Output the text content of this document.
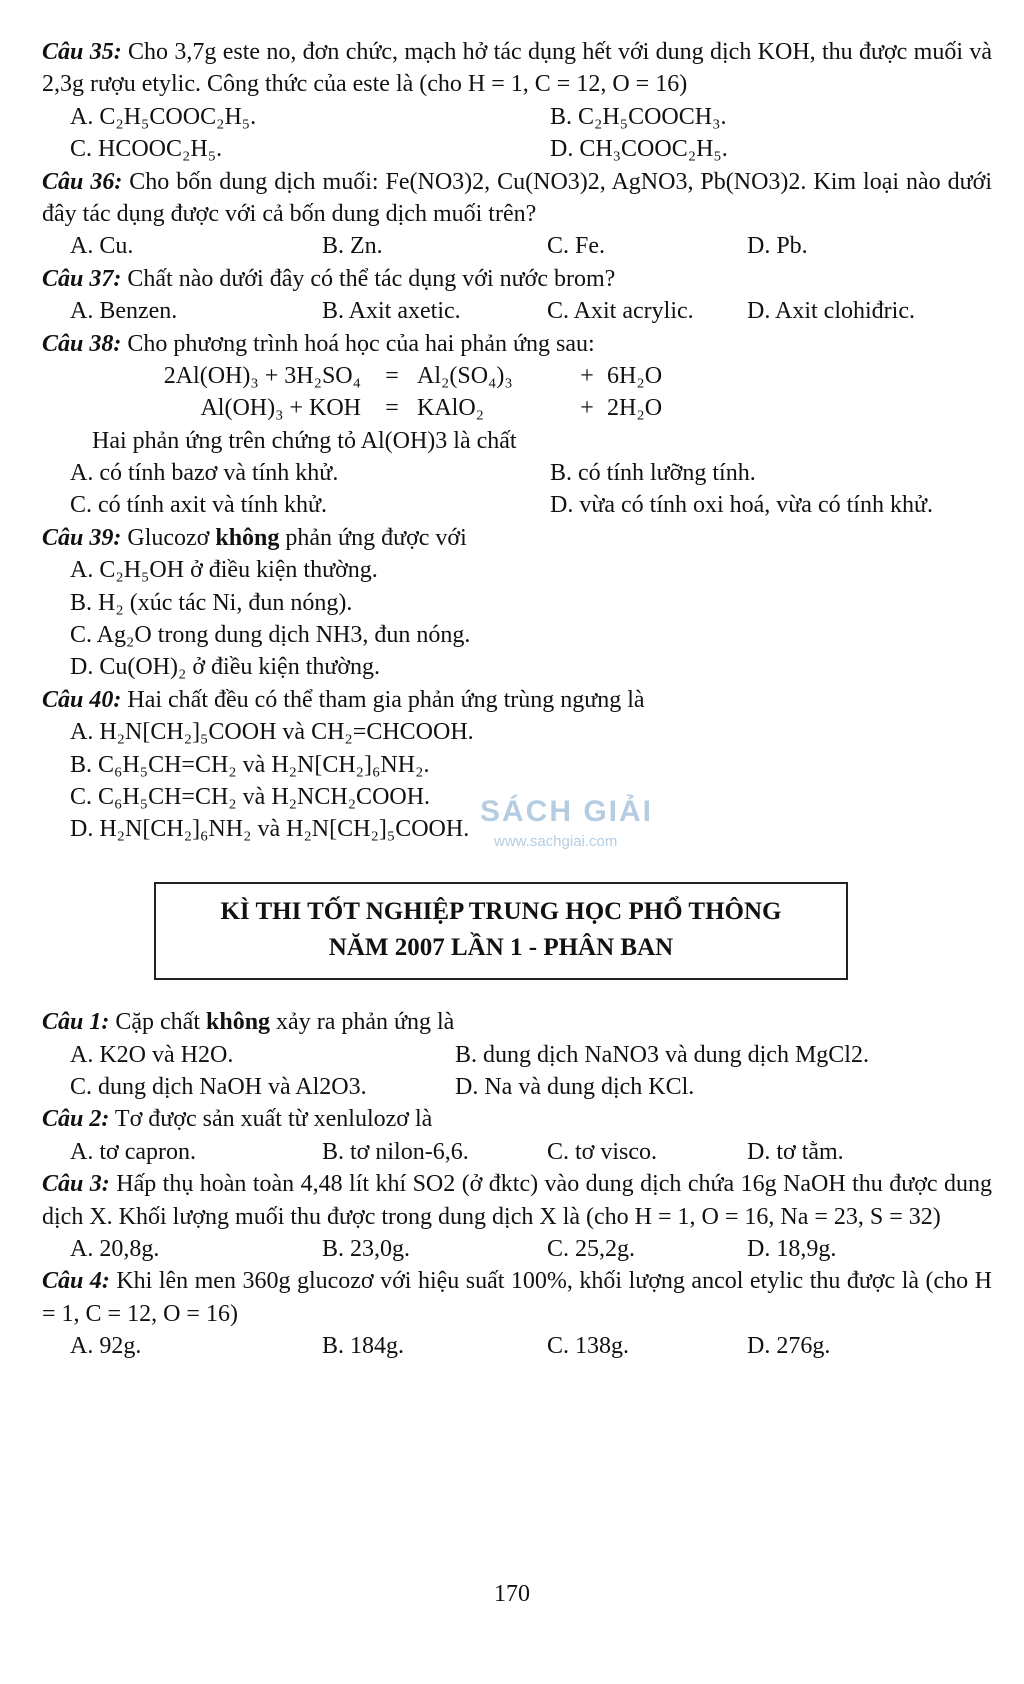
Câu 35: Cho 3,7g este no, đơn chức, mạch hở tác dụng hết với dung dịch KOH, thu được muối và 2,3g rượu etylic. Công thức của este là (cho H = 1, C = 12, O = 16)
A. C₂H₅COOC₂H₅.	B. C₂H₅COOCH₃.
C. HCOOC₂H₅.	D. CH₃COOC₂H₅.
Câu 36: Cho bốn dung dịch muối: Fe(NO3)2, Cu(NO3)2, AgNO3, Pb(NO3)2. Kim loại nào dưới đây tác dụng được với cả bốn dung dịch muối trên?
A. Cu.	B. Zn.	C. Fe.	D. Pb.
Câu 37: Chất nào dưới đây có thể tác dụng với nước brom?
A. Benzen.	B. Axit axetic.	C. Axit acrylic.	D. Axit clohiđric.
Câu 38: Cho phương trình hoá học của hai phản ứng sau:
2Al(OH)₃ + 3H₂SO₄	= Al₂(SO₄)₃	+ 6H₂O
Al(OH)₃ + KOH	= KAlO₂	+ 2H₂O
Hai phản ứng trên chứng tỏ Al(OH)3 là chất
A. có tính bazơ và tính khử.	B. có tính lưỡng tính.
C. có tính axit và tính khử.	D. vừa có tính oxi hoá, vừa có tính khử.
Câu 39: Glucozơ không phản ứng được với
A. C₂H₅OH ở điều kiện thường.
B. H₂ (xúc tác Ni, đun nóng).
C. Ag₂O trong dung dịch NH3, đun nóng.
D. Cu(OH)₂ ở điều kiện thường.
Câu 40: Hai chất đều có thể tham gia phản ứng trùng ngưng là
A. H₂N[CH₂]₅COOH và CH₂=CHCOOH.
B. C₆H₅CH=CH₂ và H₂N[CH₂]₆NH₂.
C. C₆H₅CH=CH₂ và H₂NCH₂COOH.
D. H₂N[CH₂]₆NH₂ và H₂N[CH₂]₅COOH.
KÌ THI TỐT NGHIỆP TRUNG HỌC PHỔ THÔNG
NĂM 2007 LẦN 1 - PHÂN BAN
Câu 1: Cặp chất không xảy ra phản ứng là
A. K2O và H2O.	B. dung dịch NaNO3 và dung dịch MgCl2.
C. dung dịch NaOH và Al2O3.	D. Na và dung dịch KCl.
Câu 2: Tơ được sản xuất từ xenlulozơ là
A. tơ capron.	B. tơ nilon-6,6.	C. tơ visco.	D. tơ tằm.
Câu 3: Hấp thụ hoàn toàn 4,48 lít khí SO2 (ở đktc) vào dung dịch chứa 16g NaOH thu được dung dịch X. Khối lượng muối thu được trong dung dịch X là (cho H = 1, O = 16, Na = 23, S = 32)
A. 20,8g.	B. 23,0g.	C. 25,2g.	D. 18,9g.
Câu 4: Khi lên men 360g glucozơ với hiệu suất 100%, khối lượng ancol etylic thu được là (cho H = 1, C = 12, O = 16)
A. 92g.	B. 184g.	C. 138g.	D. 276g.
SÁCH GIẢI
www.sachgiai.com
170
